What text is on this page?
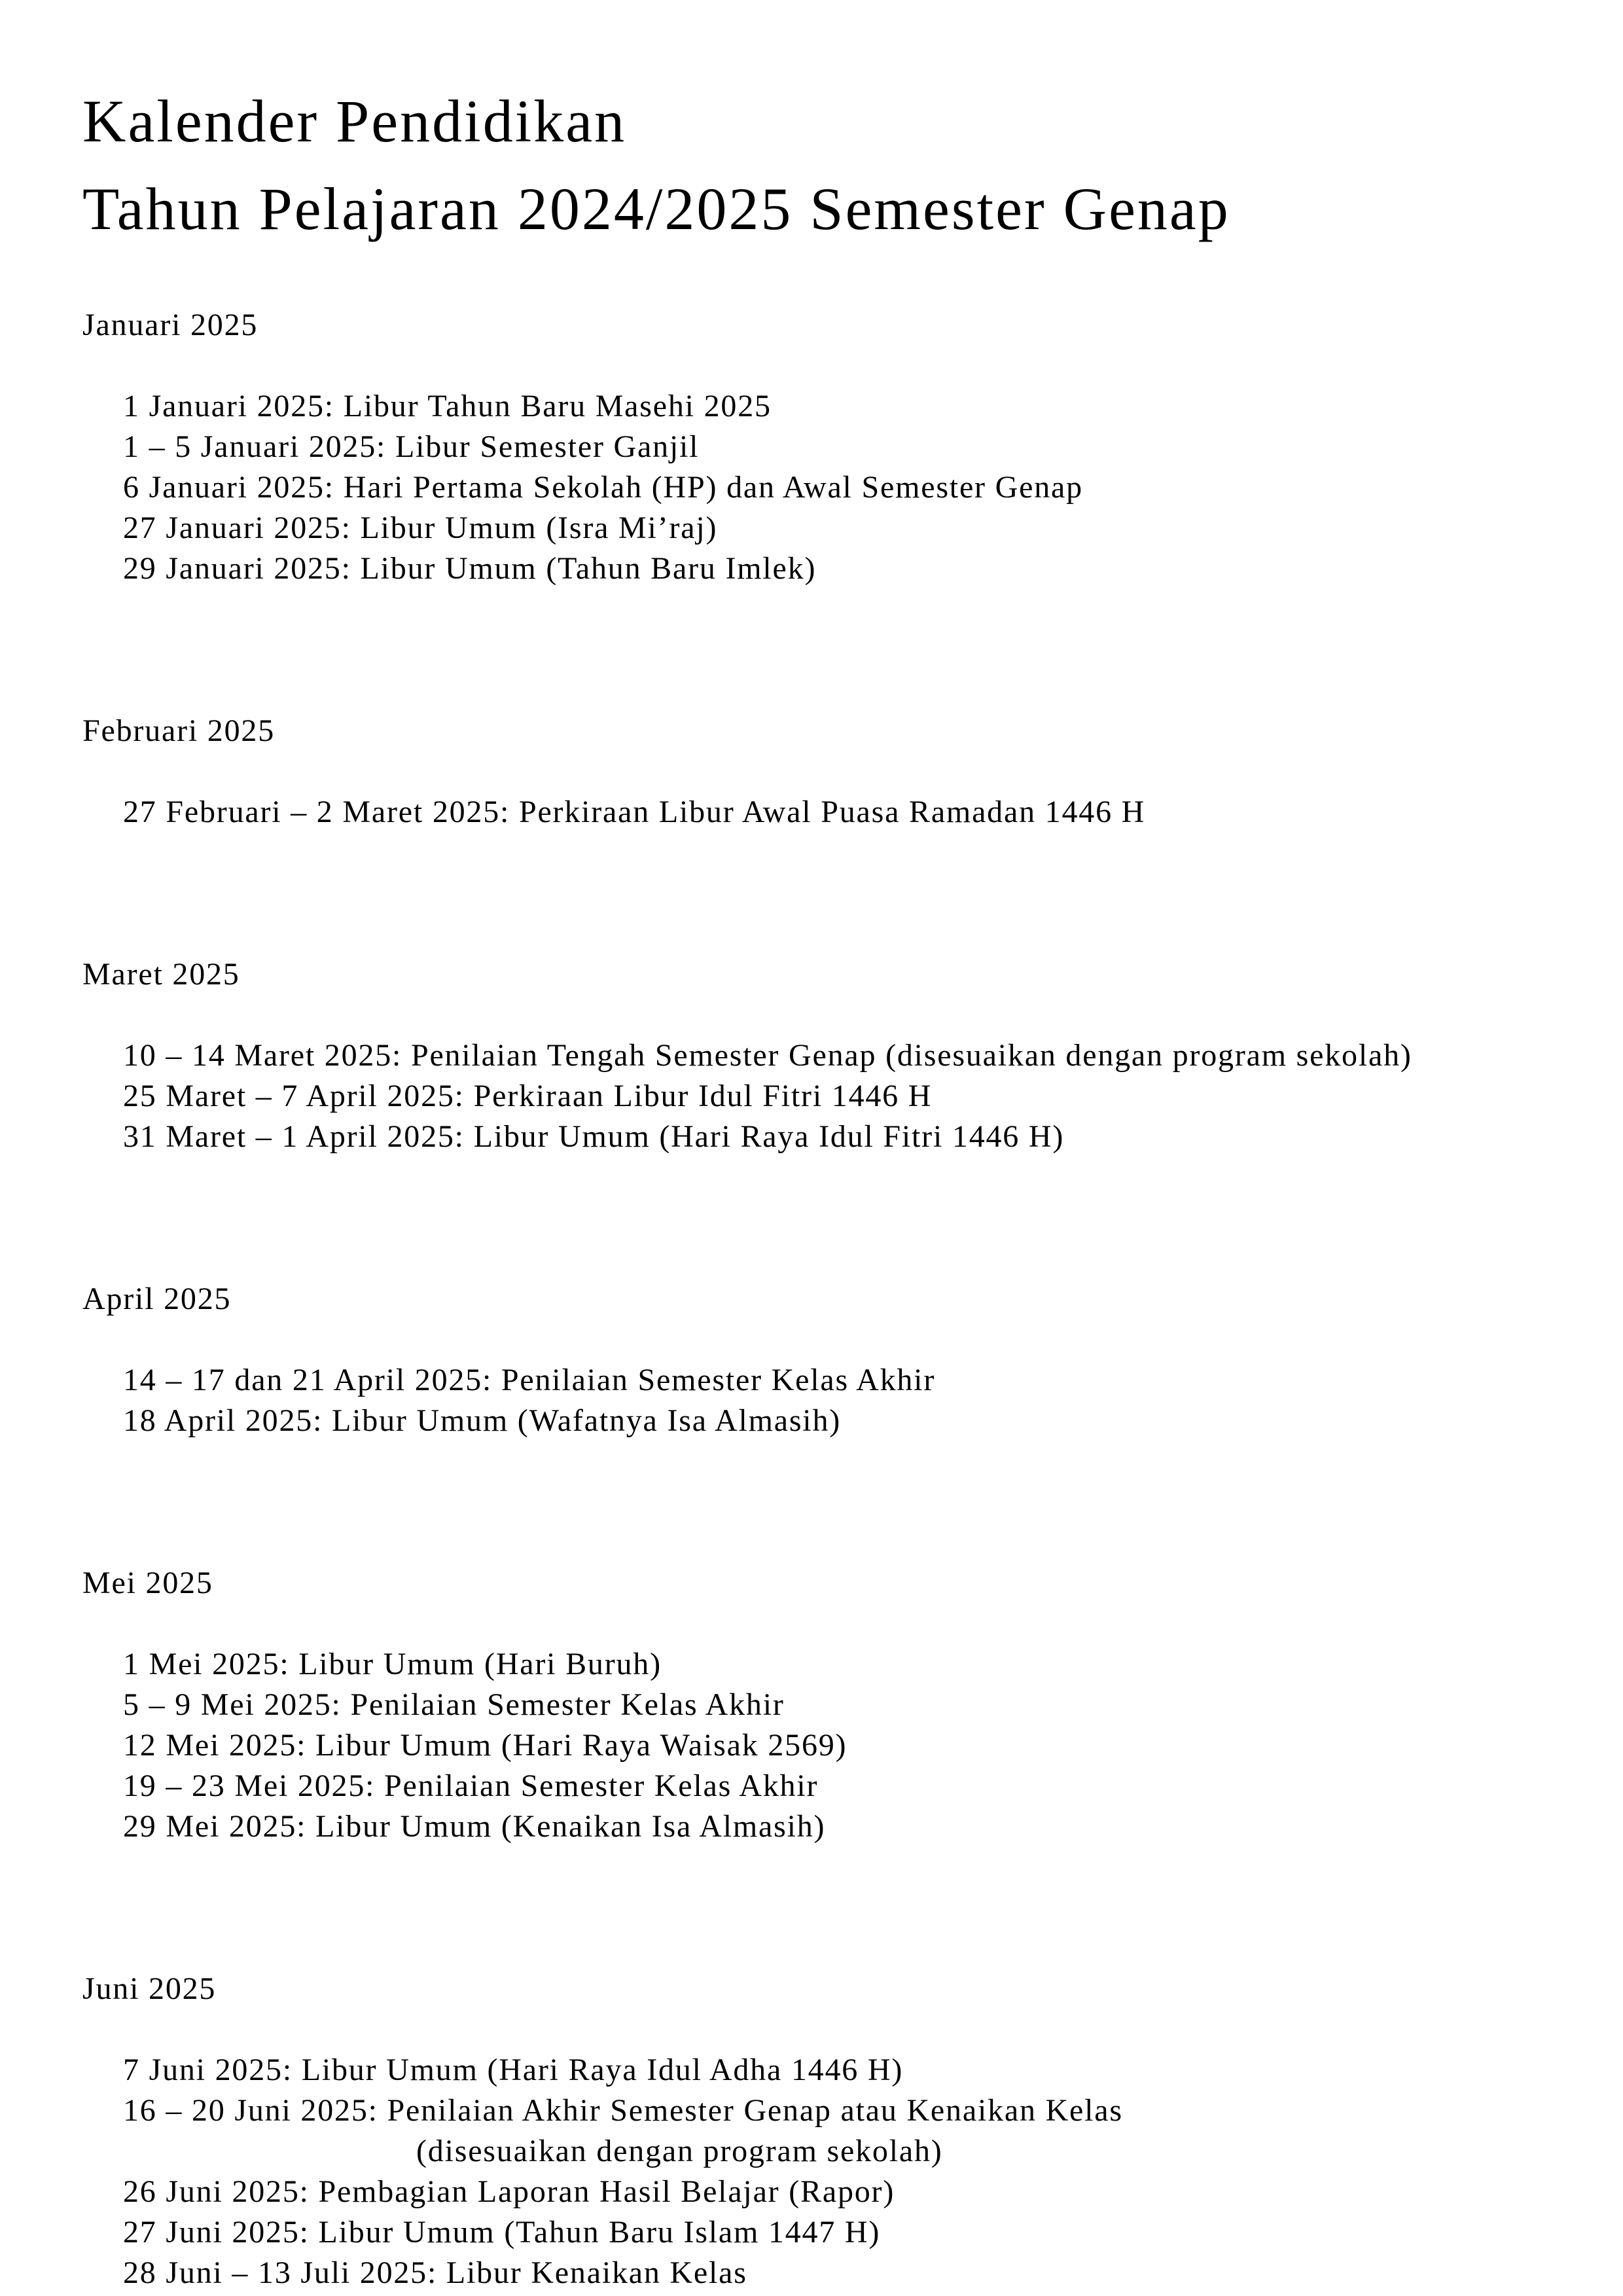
Kalender Pendidikan
Tahun Pelajaran 2024/2025 Semester Genap
Januari 2025
1 Januari 2025: Libur Tahun Baru Masehi 2025
1 – 5 Januari 2025: Libur Semester Ganjil
6 Januari 2025: Hari Pertama Sekolah (HP) dan Awal Semester Genap
27 Januari 2025: Libur Umum (Isra Mi’raj)
29 Januari 2025: Libur Umum (Tahun Baru Imlek)
Februari 2025
27 Februari – 2 Maret 2025: Perkiraan Libur Awal Puasa Ramadan 1446 H
Maret 2025
10 – 14 Maret 2025: Penilaian Tengah Semester Genap (disesuaikan dengan program sekolah)
25 Maret – 7 April 2025: Perkiraan Libur Idul Fitri 1446 H
31 Maret – 1 April 2025: Libur Umum (Hari Raya Idul Fitri 1446 H)
April 2025
14 – 17 dan 21 April 2025: Penilaian Semester Kelas Akhir
18 April 2025: Libur Umum (Wafatnya Isa Almasih)
Mei 2025
1 Mei 2025: Libur Umum (Hari Buruh)
5 – 9 Mei 2025: Penilaian Semester Kelas Akhir
12 Mei 2025: Libur Umum (Hari Raya Waisak 2569)
19 – 23 Mei 2025: Penilaian Semester Kelas Akhir
29 Mei 2025: Libur Umum (Kenaikan Isa Almasih)
Juni 2025
7 Juni 2025: Libur Umum (Hari Raya Idul Adha 1446 H)
16 – 20 Juni 2025: Penilaian Akhir Semester Genap atau Kenaikan Kelas
(disesuaikan dengan program sekolah)
26 Juni 2025: Pembagian Laporan Hasil Belajar (Rapor)
27 Juni 2025: Libur Umum (Tahun Baru Islam 1447 H)
28 Juni – 13 Juli 2025: Libur Kenaikan Kelas
